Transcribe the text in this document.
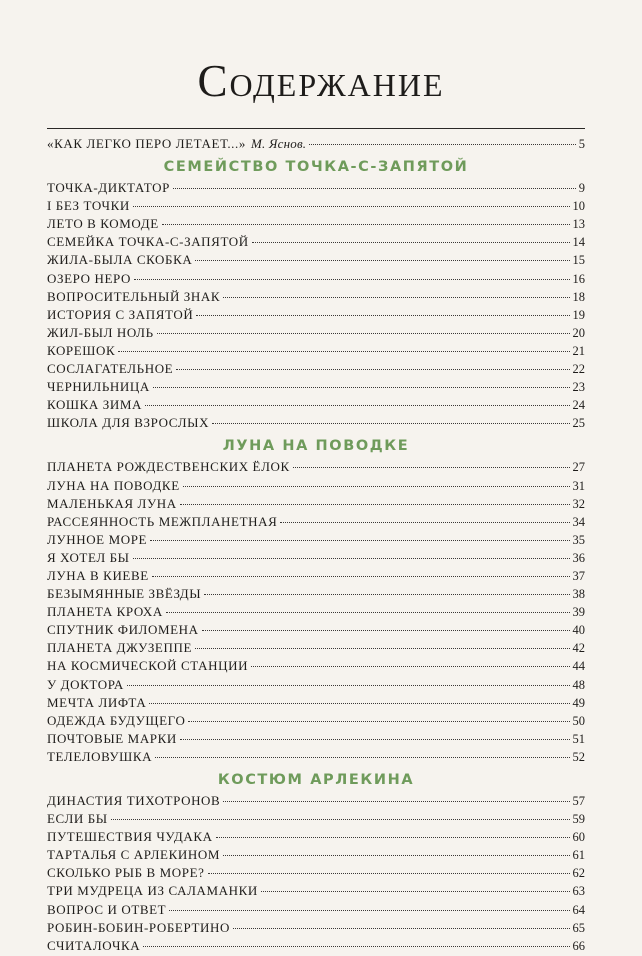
Содержание
«КАК ЛЕГКО ПЕРО ЛЕТАЕТ...» М. Яснов.	5
СЕМЕЙСТВО ТОЧКА-С-ЗАПЯТОЙ
ТОЧКА-ДИКТАТОР	9
I БЕЗ ТОЧКИ	10
ЛЕТО В КОМОДЕ	13
СЕМЕЙКА ТОЧКА-С-ЗАПЯТОЙ	14
ЖИЛА-БЫЛА СКОБКА	15
ОЗЕРО НЕРО	16
ВОПРОСИТЕЛЬНЫЙ ЗНАК	18
ИСТОРИЯ С ЗАПЯТОЙ	19
ЖИЛ-БЫЛ НОЛЬ	20
КОРЕШОК	21
СОСЛАГАТЕЛЬНОЕ	22
ЧЕРНИЛЬНИЦА	23
КОШКА ЗИМА	24
ШКОЛА ДЛЯ ВЗРОСЛЫХ	25
ЛУНА НА ПОВОДКЕ
ПЛАНЕТА РОЖДЕСТВЕНСКИХ ЁЛОК	27
ЛУНА НА ПОВОДКЕ	31
МАЛЕНЬКАЯ ЛУНА	32
РАССЕЯННОСТЬ МЕЖПЛАНЕТНАЯ	34
ЛУННОЕ МОРЕ	35
Я ХОТЕЛ БЫ	36
ЛУНА В КИЕВЕ	37
БЕЗЫМЯННЫЕ ЗВЁЗДЫ	38
ПЛАНЕТА КРОХА	39
СПУТНИК ФИЛОМЕНА	40
ПЛАНЕТА ДЖУЗЕППЕ	42
НА КОСМИЧЕСКОЙ СТАНЦИИ	44
У ДОКТОРА	48
МЕЧТА ЛИФТА	49
ОДЕЖДА БУДУЩЕГО	50
ПОЧТОВЫЕ МАРКИ	51
ТЕЛЕЛОВУШКА	52
КОСТЮМ АРЛЕКИНА
ДИНАСТИЯ ТИХОТРОНОВ	57
ЕСЛИ БЫ	59
ПУТЕШЕСТВИЯ ЧУДАКА	60
ТАРТАЛЬЯ С АРЛЕКИНОМ	61
СКОЛЬКО РЫБ В МОРЕ?	62
ТРИ МУДРЕЦА ИЗ САЛАМАНКИ	63
ВОПРОС И ОТВЕТ	64
РОБИН-БОБИН-РОБЕРТИНО	65
СЧИТАЛОЧКА	66
